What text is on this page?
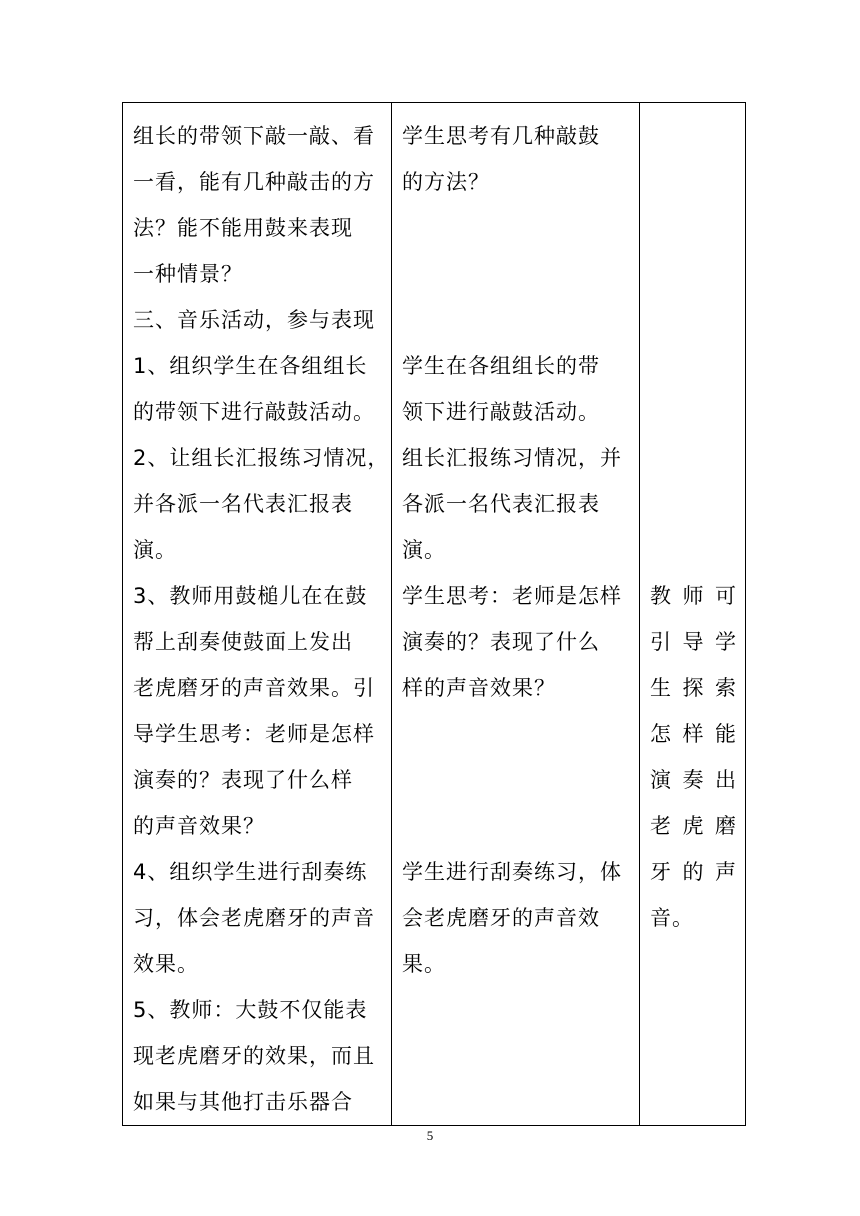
组长的带领下敲一敲、看
一看，能有几种敲击的方
法？能不能用鼓来表现
一种情景？
三、音乐活动，参与表现
1、组织学生在各组组长
的带领下进行敲鼓活动。
2、让组长汇报练习情况，
并各派一名代表汇报表
演。
3、教师用鼓槌儿在在鼓
帮上刮奏使鼓面上发出
老虎磨牙的声音效果。引
导学生思考：老师是怎样
演奏的？表现了什么样
的声音效果？
4、组织学生进行刮奏练
习，体会老虎磨牙的声音
效果。
5、教师：大鼓不仅能表
现老虎磨牙的效果，而且
如果与其他打击乐器合

学生思考有几种敲鼓
的方法？
学生在各组组长的带
领下进行敲鼓活动。
组长汇报练习情况，并
各派一名代表汇报表
演。
学生思考：老师是怎样
演奏的？表现了什么
样的声音效果？
学生进行刮奏练习，体
会老虎磨牙的声音效
果。

教 师 可
引 导 学
生 探 索
怎 样 能
演 奏 出
老 虎 磨
牙 的 声
音。
5
